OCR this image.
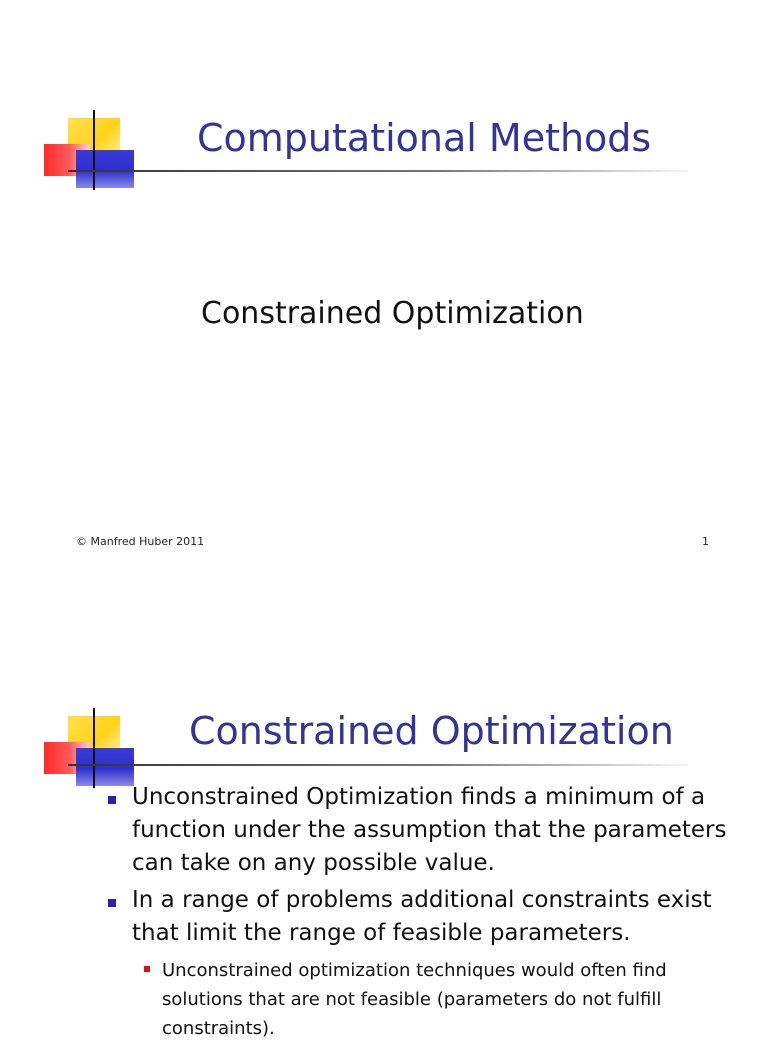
Computational Methods
Constrained Optimization
© Manfred Huber 2011	1
Constrained Optimization
Unconstrained Optimization finds a minimum of a
function under the assumption that the parameters
can take on any possible value.
In a range of problems additional constraints exist
that limit the range of feasible parameters.
Unconstrained optimization techniques would often find
solutions that are not feasible (parameters do not fulfill
constraints).
